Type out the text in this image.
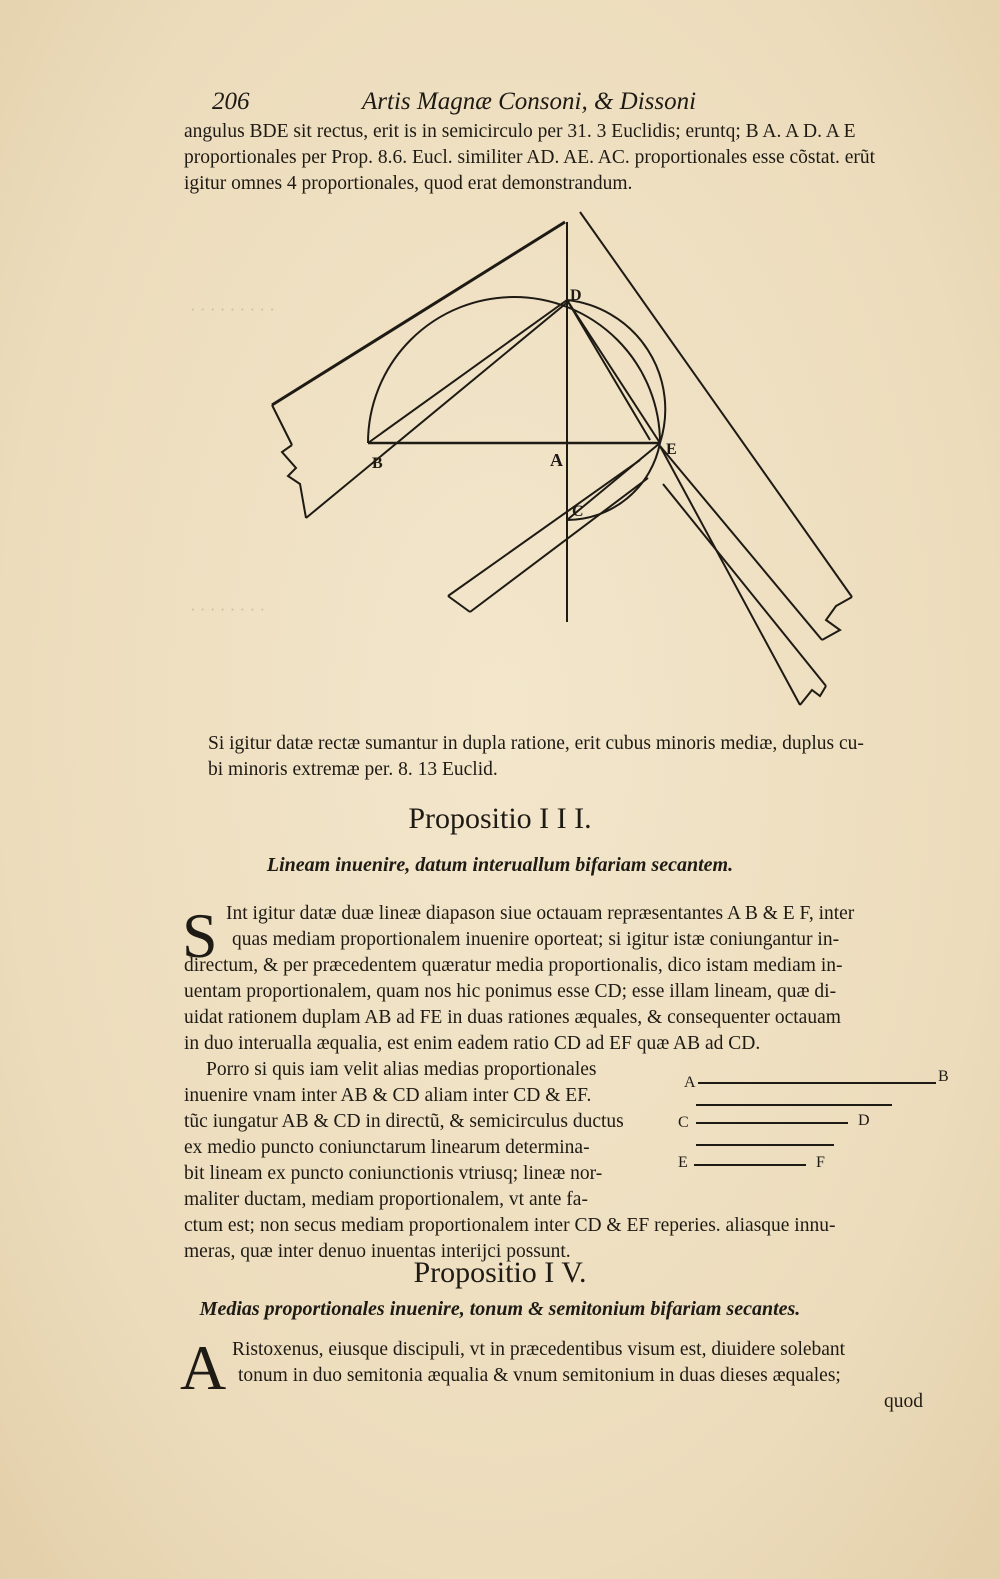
206	Artis Magnæ Consoni, & Dissoni
angulus BDE sit rectus, erit is in semicirculo per 31. 3 Euclidis; eruntq; B A. A D. A E
proportionales per Prop. 8.6. Eucl. similiter AD. AE. AC. proportionales esse cõstat. erũt
igitur omnes 4 proportionales, quod erat demonstrandum.
· · · · · · · · ·
· · · · · · · ·
D
B	A
E
C
Si igitur datæ rectæ sumantur in dupla ratione, erit cubus minoris mediæ, duplus cu-
bi minoris extremæ per. 8. 13 Euclid.
Propositio I I I.
Lineam inuenire, datum interuallum bifariam secantem.
S Int igitur datæ duæ lineæ diapason siue octauam repræsentantes A B & E F, inter
quas mediam proportionalem inuenire oporteat; si igitur istæ coniungantur in-
directum, & per præcedentem quæratur media proportionalis, dico istam mediam in-
uentam proportionalem, quam nos hic ponimus esse CD; esse illam lineam, quæ di-
uidat rationem duplam AB ad FE in duas rationes æquales, & consequenter octauam
in duo interualla æqualia, est enim eadem ratio CD ad EF quæ AB ad CD.
Porro si quis iam velit alias medias proportionales
inuenire vnam inter AB & CD aliam inter CD & EF.
tũc iungatur AB & CD in directũ, & semicirculus ductus
ex medio puncto coniunctarum linearum determina-
bit lineam ex puncto coniunctionis vtriusq; lineæ nor-
maliter ductam, mediam proportionalem, vt ante fa-
ctum est; non secus mediam proportionalem inter CD & EF reperies. aliasque innu-
meras, quæ inter denuo inuentas interijci possunt.
A	B
C	D
E	F
Propositio I V.
Medias proportionales inuenire, tonum & semitonium bifariam secantes.
A Ristoxenus, eiusque discipuli, vt in præcedentibus visum est, diuidere solebant
tonum in duo semitonia æqualia & vnum semitonium in duas dieses æquales;
quod
